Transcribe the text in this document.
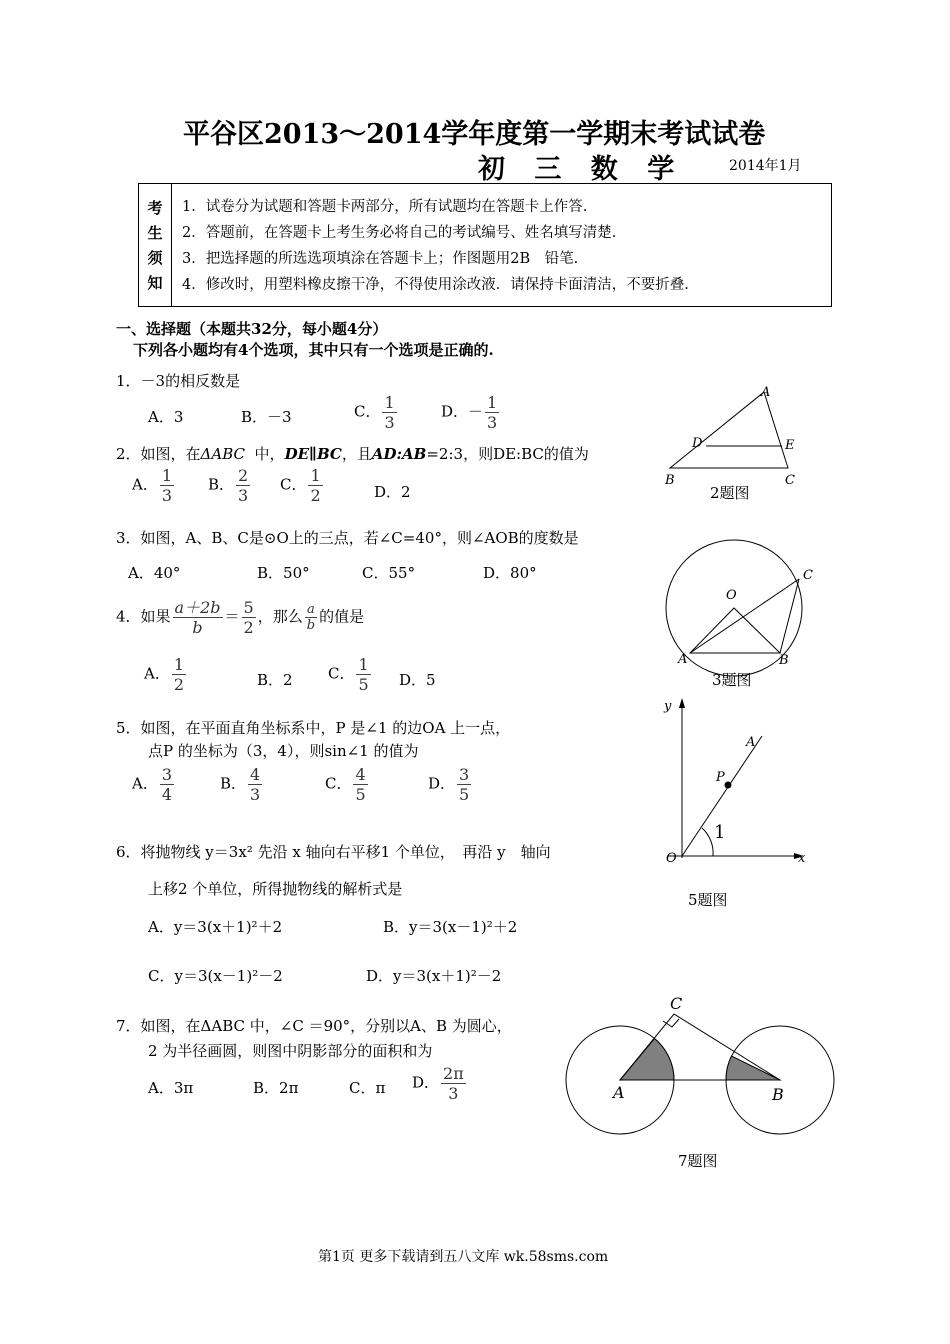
平谷区2013～2014学年度第一学期末考试试卷
初 三 数 学	2014年1月
考
生
须
知
1．试卷分为试题和答题卡两部分，所有试题均在答题卡上作答.
2．答题前，在答题卡上考生务必将自己的考试编号、姓名填写清楚.
3．把选择题的所选选项填涂在答题卡上；作图题用2B　铅笔.
4．修改时，用塑料橡皮擦干净，不得使用涂改液．请保持卡面清洁，不要折叠.
一、选择题（本题共32分，每小题4分）
下列各小题均有4个选项，其中只有一个选项是正确的.
1．－3的相反数是
A．3	B．－3	C． $\frac{1}{3}$	D．－ $\frac{1}{3}$
2．如图，在ΔABC 中，DE∥BC，且AD:AB=2:3，则DE:BC的值为
A． $\frac{1}{3}$ B． $\frac{2}{3}$ C． $\frac{1}{2}$	D．2
3．如图，A、B、C是⊙O上的三点，若∠C=40°，则∠AOB的度数是
A．40°	B．50°	C．55°	D．80°
4．如果 $\frac{a+2b}{b} = \frac{5}{2}$ ，那么 $\frac{a}{b}$ 的值是
A． $\frac{1}{2}$	B．2 C． $\frac{1}{5}$ D．5
5．如图，在平面直角坐标系中，P 是∠1 的边OA 上一点，
点P 的坐标为（3，4），则sin∠1 的值为
A． $\frac{3}{4}$	B． $\frac{4}{3}$	C． $\frac{4}{5}$	D． $\frac{3}{5}$
6．将抛物线 y＝3x² 先沿 x 轴向右平移1 个单位，　再沿 y　轴向
上移2 个单位，所得抛物线的解析式是
A．y＝3(x＋1)²＋2	B．y＝3(x－1)²＋2
C．y＝3(x－1)²－2	D．y＝3(x＋1)²－2
7．如图，在ΔABC 中，∠C ＝90°，分别以A、B 为圆心，
2 为半径画圆，则图中阴影部分的面积和为
A．3π	B．2π	C．π D． $\frac{2\pi}{3}$
A
D	E
B	C
2题图
O
A	B
C
3题图
y
x
O
A
P
1
5题图
A	B
C
7题图
第1页 更多下载请到五八文库 wk.58sms.com
